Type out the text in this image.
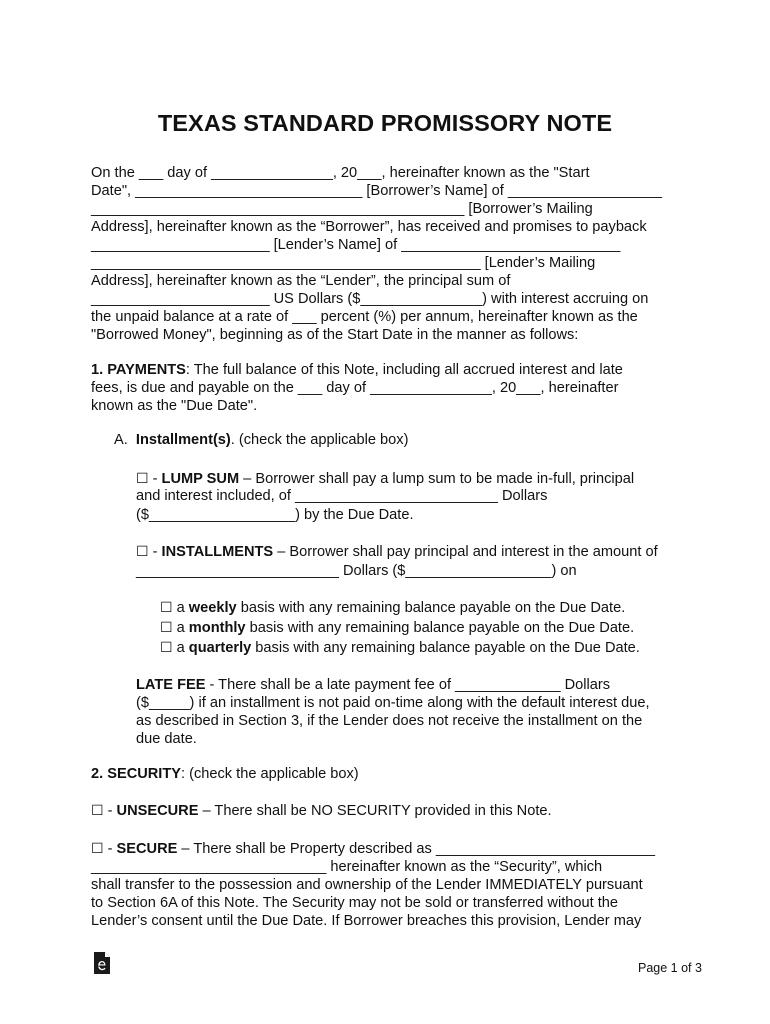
TEXAS STANDARD PROMISSORY NOTE
On the ___ day of _______________, 20___, hereinafter known as the "Start
Date", ____________________________ [Borrower’s Name] of ___________________
______________________________________________ [Borrower’s Mailing
Address], hereinafter known as the “Borrower”, has received and promises to payback
______________________ [Lender’s Name] of ___________________________
________________________________________________ [Lender’s Mailing
Address], hereinafter known as the “Lender”, the principal sum of
______________________ US Dollars ($_______________) with interest accruing on
the unpaid balance at a rate of ___ percent (%) per annum, hereinafter known as the
"Borrowed Money", beginning as of the Start Date in the manner as follows:
1. PAYMENTS: The full balance of this Note, including all accrued interest and late
fees, is due and payable on the ___ day of _______________, 20___, hereinafter
known as the "Due Date".
A.  Installment(s). (check the applicable box)
☐ - LUMP SUM – Borrower shall pay a lump sum to be made in-full, principal
and interest included, of _________________________ Dollars
($__________________) by the Due Date.
☐ - INSTALLMENTS – Borrower shall pay principal and interest in the amount of
_________________________ Dollars ($__________________) on
☐ a weekly basis with any remaining balance payable on the Due Date.
☐ a monthly basis with any remaining balance payable on the Due Date.
☐ a quarterly basis with any remaining balance payable on the Due Date.
LATE FEE - There shall be a late payment fee of _____________ Dollars
($_____) if an installment is not paid on-time along with the default interest due,
as described in Section 3, if the Lender does not receive the installment on the
due date.
2. SECURITY: (check the applicable box)
☐ - UNSECURE – There shall be NO SECURITY provided in this Note.
☐ - SECURE – There shall be Property described as ___________________________
_____________________________ hereinafter known as the “Security”, which
shall transfer to the possession and ownership of the Lender IMMEDIATELY pursuant
to Section 6A of this Note. The Security may not be sold or transferred without the
Lender’s consent until the Due Date. If Borrower breaches this provision, Lender may
Page 1 of 3
